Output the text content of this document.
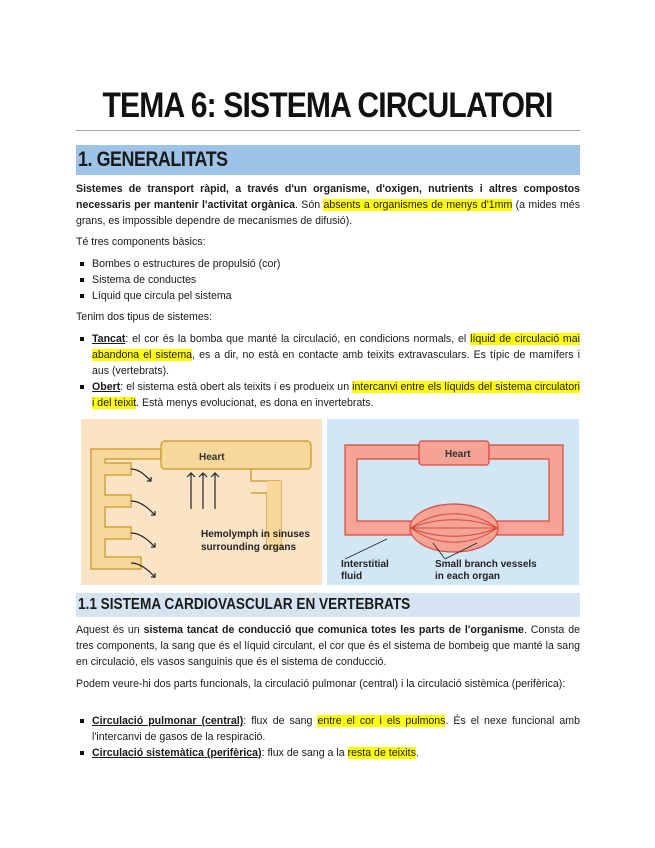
TEMA 6: SISTEMA CIRCULATORI
1. GENERALITATS

Sistemes de transport ràpid, a través d'un organisme, d'oxigen, nutrients i altres compostos necessaris per mantenir l'activitat orgànica. Són absents a organismes de menys d'1mm (a mides més grans, es impossible dependre de mecanismes de difusió).

Té tres components bàsics:

Bombes o estructures de propulsió (cor)
Sistema de conductes
Líquid que circula pel sistema

Tenim dos tipus de sistemes:

Tancat: el cor és la bomba que manté la circulació, en condicions normals, el líquid de circulació mai abandona el sistema, es a dir, no està en contacte amb teixits extravasculars. Es típic de mamífers i aus (vertebrats).
Obert: el sistema està obert als teixits i es produeix un intercanvi entre els líquids del sistema circulatori i del teixit. Està menys evolucionat, es dona en invertebrats.
Heart
Hemolymph in sinuses
surrounding organs
Heart
Interstitial
fluid
Small branch vessels
in each organ
1.1 SISTEMA CARDIOVASCULAR EN VERTEBRATS

Aquest és un sistema tancat de conducció que comunica totes les parts de l'organisme. Consta de tres components, la sang que és el líquid circulant, el cor que és el sistema de bombeig que manté la sang en circulació, els vasos sanguinis que és el sistema de conducció.

Podem veure-hi dos parts funcionals, la circulació pulmonar (central) i la circulació sistèmica (perifèrica):

Circulació pulmonar (central): flux de sang entre el cor i els pulmons. És el nexe funcional amb l'intercanvi de gasos de la respiració.
Circulació sistemàtica (perifèrica): flux de sang a la resta de teixits.
